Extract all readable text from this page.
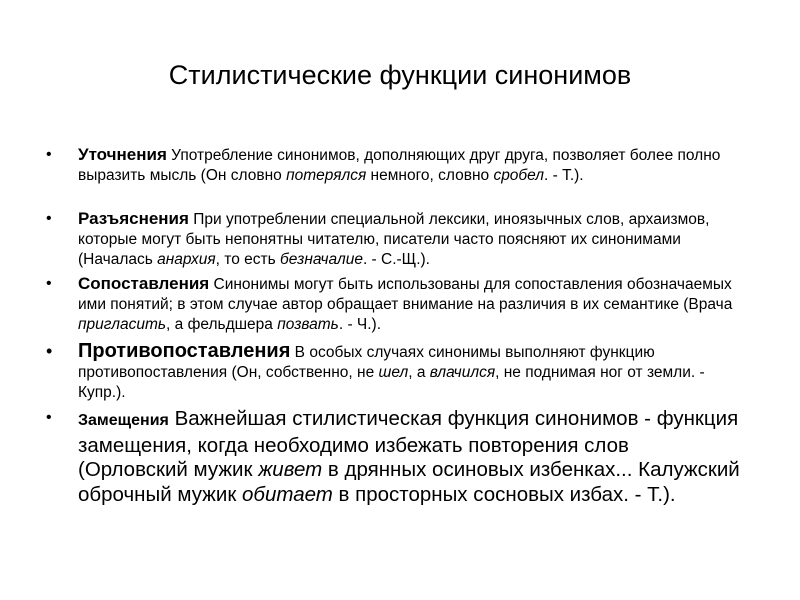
Стилистические функции синонимов
• Уточнения Употребление синонимов, дополняющих друг друга, позволяет более полно выразить мысль (Он словно потерялся немного, словно сробел. - Т.).
• Разъяснения При употреблении специальной лексики, иноязычных слов, архаизмов, которые могут быть непонятны читателю, писатели часто поясняют их синонимами (Началась анархия, то есть безначалие. - С.-Щ.).
• Сопоставления Синонимы могут быть использованы для сопоставления обозначаемых ими понятий; в этом случае автор обращает внимание на различия в их семантике (Врача пригласить, а фельдшера позвать. - Ч.).
• Противопоставления В особых случаях синонимы выполняют функцию противопоставления (Он, собственно, не шел, а влачился, не поднимая ног от земли. - Купр.).
• Замещения Важнейшая стилистическая функция синонимов - функция замещения, когда необходимо избежать повторения слов (Орловский мужик живет в дрянных осиновых избенках... Калужский оброчный мужик обитает в просторных сосновых избах. - Т.).
